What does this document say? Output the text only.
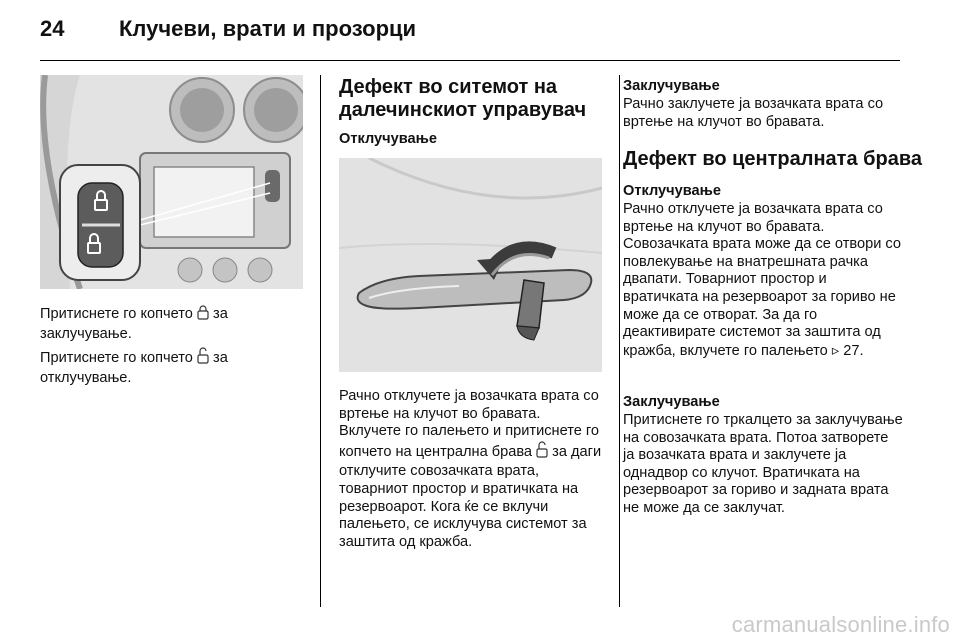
24 Клучеви, врати и прозорци

Притиснете го копчето  за заклучување.

Притиснете го копчето  за отклучување.

Дефект во ситемот на далечинскиот управувач
Отклучување

Рачно отклучете ја возачката врата со вртење на клучот во бравата. Вклучете го палењето и притиснете го копчето на централна брава  за даги отклучите совозачката врата, товарниот простор и вратичката на резервоарот. Кога ќе се вклучи палењето, се исклучува системот за заштита од кражба.

Заклучување
Рачно заклучете ја возачката врата со вртење на клучот во бравата.
Дефект во централната брава
Отклучување
Рачно отклучете ја возачката врата со вртење на клучот во бравата. Совозачката врата може да се отвори со повлекување на внатрешната рачка двапати. Товарниот простор и вратичката на резервоарот за гориво не може да се отворат. За да го деактивирате системот за заштита од кражба, вклучете го палењето ▹ 27.
Заклучување
Притиснете го тркалцето за заклучување на совозачката врата. Потоа затворете ја возачката врата и заклучете ја однадвор со клучот. Вратичката на резервоарот за гориво и задната врата не може да се заклучат.
carmanualsonline.info
